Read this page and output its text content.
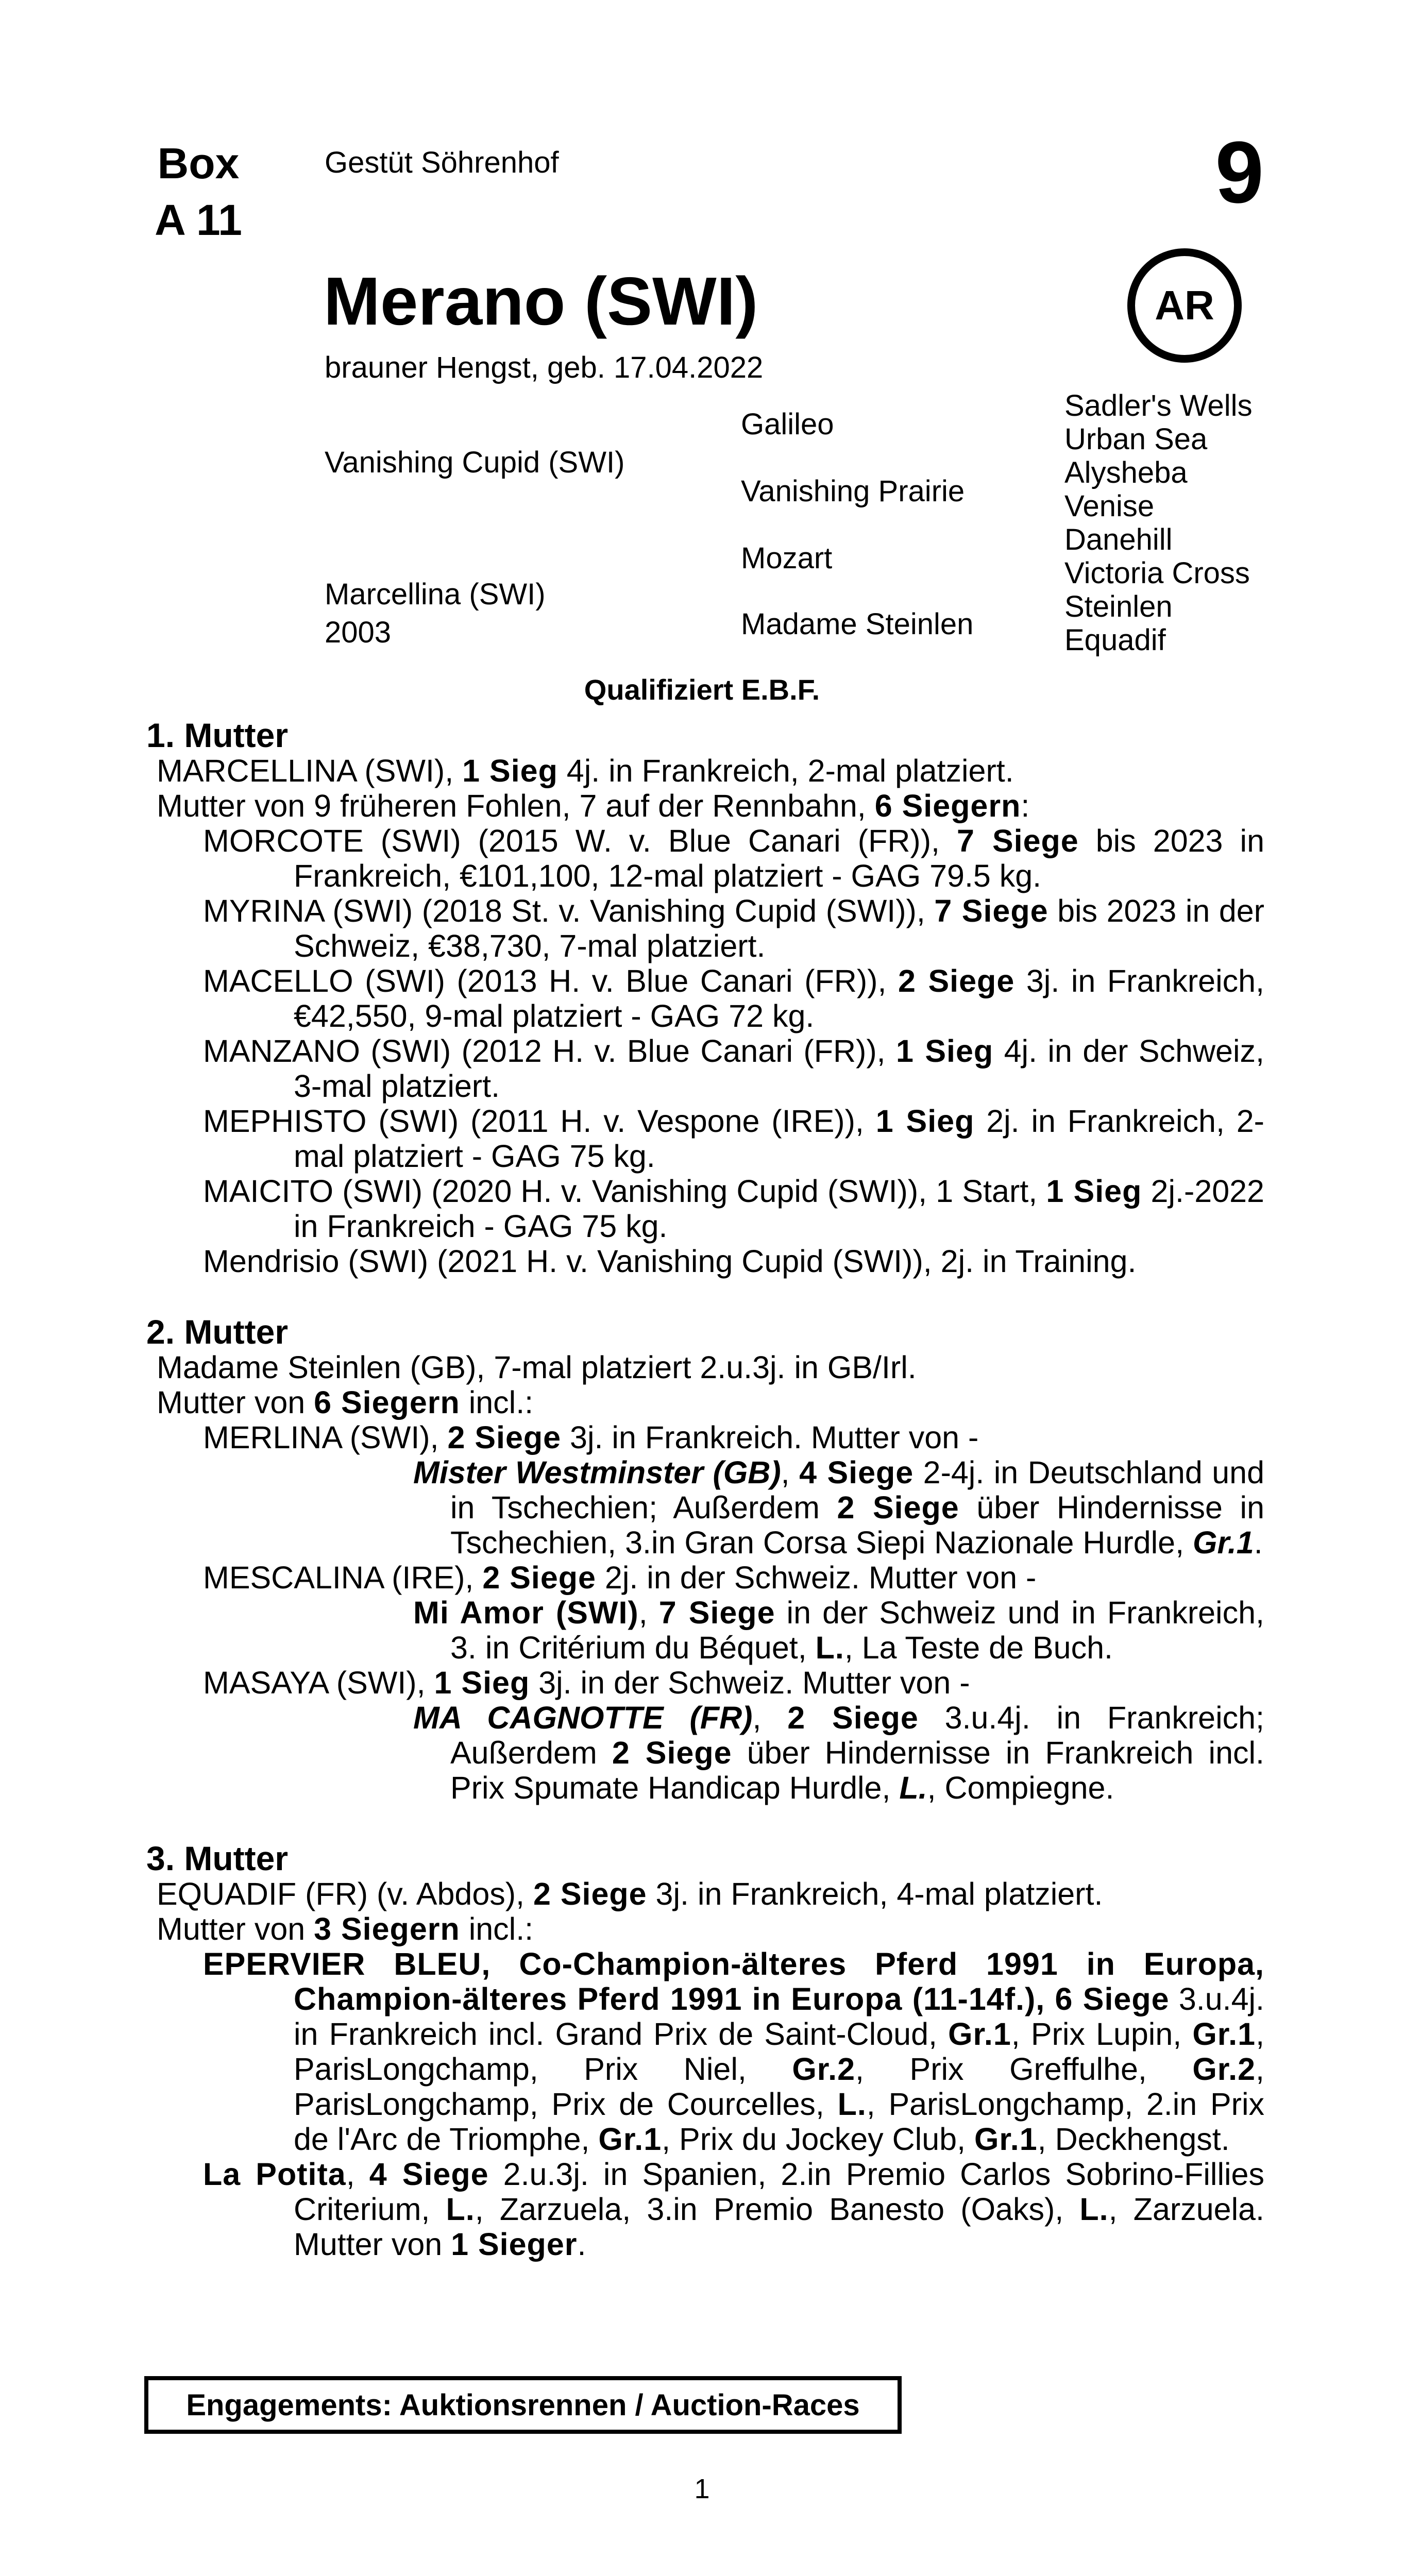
Box
A 11
Gestüt Söhrenhof	9
AR
Merano (SWI)
brauner Hengst, geb. 17.04.2022
Vanishing Cupid (SWI)
Marcellina (SWI)
2003
Galileo
Vanishing Prairie
Mozart
Madame Steinlen
Sadler's Wells
Urban Sea
Alysheba
Venise
Danehill
Victoria Cross
Steinlen
Equadif
Qualifiziert E.B.F.
1. Mutter
MARCELLINA (SWI), 1 Sieg 4j. in Frankreich, 2-mal platziert.
Mutter von 9 früheren Fohlen, 7 auf der Rennbahn, 6 Siegern:
MORCOTE (SWI) (2015 W. v. Blue Canari (FR)), 7 Siege bis 2023 in Frankreich, €101,100, 12-mal platziert - GAG 79.5 kg.
MYRINA (SWI) (2018 St. v. Vanishing Cupid (SWI)), 7 Siege bis 2023 in der Schweiz, €38,730, 7-mal platziert.
MACELLO (SWI) (2013 H. v. Blue Canari (FR)), 2 Siege 3j. in Frankreich, €42,550, 9-mal platziert - GAG 72 kg.
MANZANO (SWI) (2012 H. v. Blue Canari (FR)), 1 Sieg 4j. in der Schweiz, 3-mal platziert.
MEPHISTO (SWI) (2011 H. v. Vespone (IRE)), 1 Sieg 2j. in Frankreich, 2-mal platziert - GAG 75 kg.
MAICITO (SWI) (2020 H. v. Vanishing Cupid (SWI)), 1 Start, 1 Sieg 2j.-2022 in Frankreich - GAG 75 kg.
Mendrisio (SWI) (2021 H. v. Vanishing Cupid (SWI)), 2j. in Training.
2. Mutter
Madame Steinlen (GB), 7-mal platziert 2.u.3j. in GB/Irl.
Mutter von 6 Siegern incl.:
MERLINA (SWI), 2 Siege 3j. in Frankreich. Mutter von -
Mister Westminster (GB), 4 Siege 2-4j. in Deutschland und in Tschechien; Außerdem 2 Siege über Hindernisse in Tschechien, 3.in Gran Corsa Siepi Nazionale Hurdle, Gr.1.
MESCALINA (IRE), 2 Siege 2j. in der Schweiz. Mutter von -
Mi Amor (SWI), 7 Siege in der Schweiz und in Frankreich, 3. in Critérium du Béquet, L., La Teste de Buch.
MASAYA (SWI), 1 Sieg 3j. in der Schweiz. Mutter von -
MA CAGNOTTE (FR), 2 Siege 3.u.4j. in Frankreich; Außerdem 2 Siege über Hindernisse in Frankreich incl. Prix Spumate Handicap Hurdle, L., Compiegne.
3. Mutter
EQUADIF (FR) (v. Abdos), 2 Siege 3j. in Frankreich, 4-mal platziert.
Mutter von 3 Siegern incl.:
EPERVIER BLEU, Co-Champion-älteres Pferd 1991 in Europa, Champion-älteres Pferd 1991 in Europa (11-14f.), 6 Siege 3.u.4j. in Frankreich incl. Grand Prix de Saint-Cloud, Gr.1, Prix Lupin, Gr.1, ParisLongchamp, Prix Niel, Gr.2, Prix Greffulhe, Gr.2, ParisLongchamp, Prix de Courcelles, L., ParisLongchamp, 2.in Prix de l'Arc de Triomphe, Gr.1, Prix du Jockey Club, Gr.1, Deckhengst.
La Potita, 4 Siege 2.u.3j. in Spanien, 2.in Premio Carlos Sobrino-Fillies Criterium, L., Zarzuela, 3.in Premio Banesto (Oaks), L., Zarzuela. Mutter von 1 Sieger.
Engagements: Auktionsrennen / Auction-Races
1
